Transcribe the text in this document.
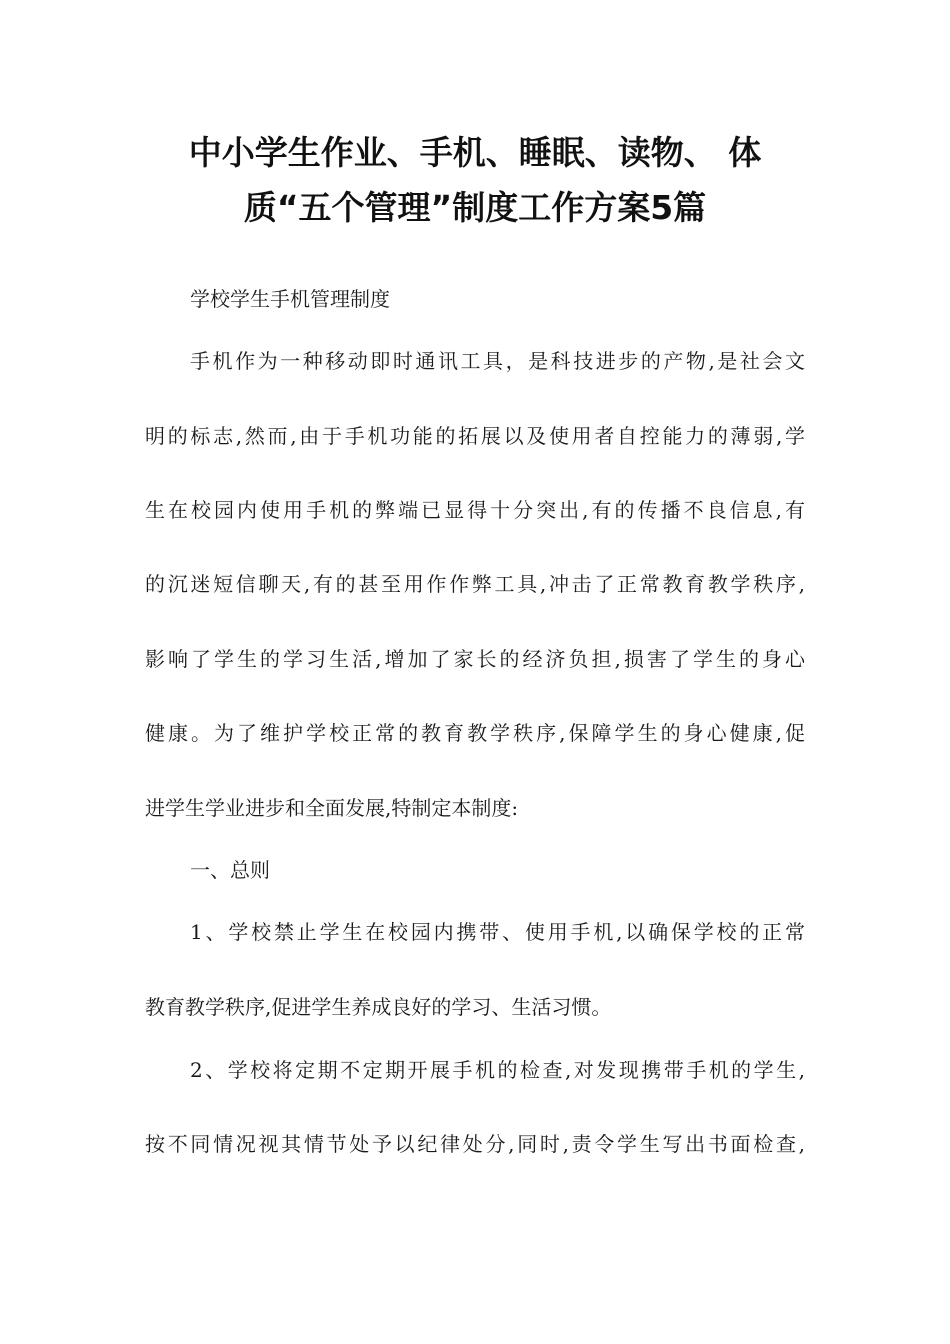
中小学生作业、手机、睡眠、读物、 体
质“五个管理”制度工作方案5篇
学校学生手机管理制度
手机作为一种移动即时通讯工具，是科技进步的产物,是社会文
明的标志,然而,由于手机功能的拓展以及使用者自控能力的薄弱,学
生在校园内使用手机的弊端已显得十分突出,有的传播不良信息,有
的沉迷短信聊天,有的甚至用作作弊工具,冲击了正常教育教学秩序,
影响了学生的学习生活,增加了家长的经济负担,损害了学生的身心
健康。为了维护学校正常的教育教学秩序,保障学生的身心健康,促
进学生学业进步和全面发展,特制定本制度:
一、总则
1、学校禁止学生在校园内携带、使用手机,以确保学校的正常
教育教学秩序,促进学生养成良好的学习、生活习惯。
2、学校将定期不定期开展手机的检查,对发现携带手机的学生,
按不同情况视其情节处予以纪律处分,同时,责令学生写出书面检查,
